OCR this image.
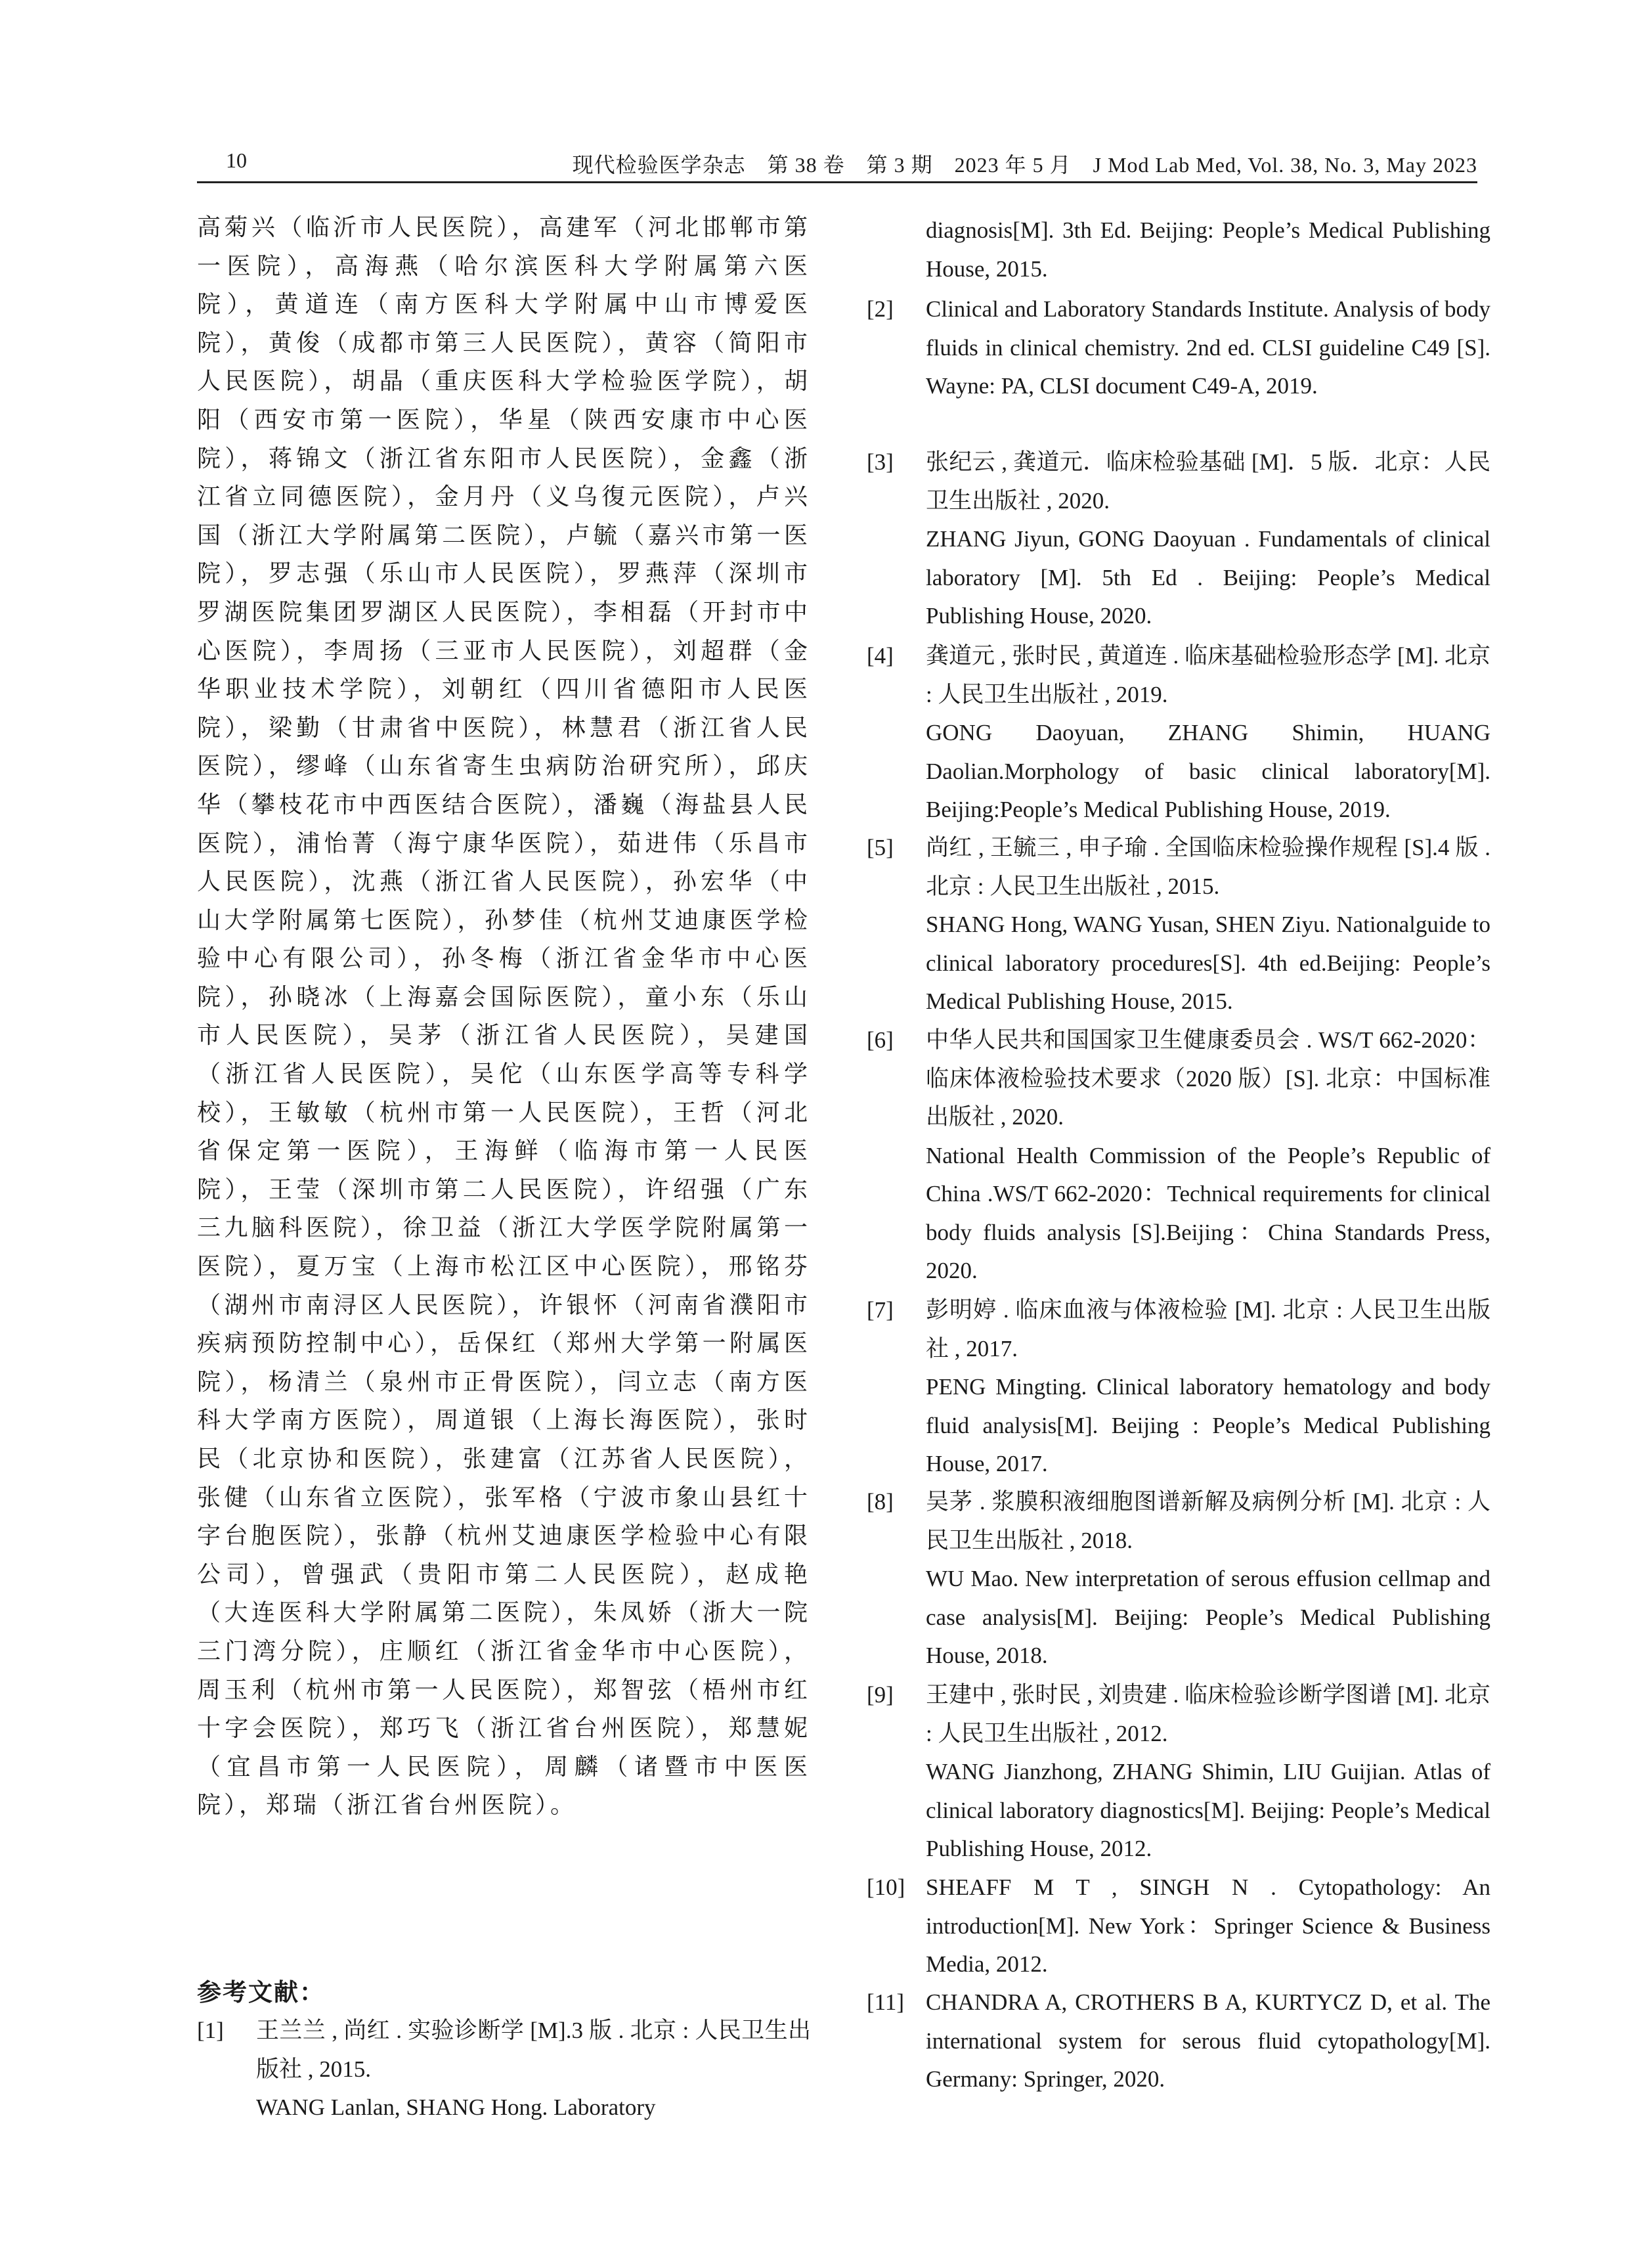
10	现代检验医学杂志　第 38 卷　第 3 期　2023 年 5 月　J Mod Lab Med, Vol. 38, No. 3, May 2023

高菊兴（临沂市人民医院），高建军（河北邯郸市第一医院），高海燕（哈尔滨医科大学附属第六医院），黄道连（南方医科大学附属中山市博爱医院），黄俊（成都市第三人民医院），黄容（简阳市人民医院），胡晶（重庆医科大学检验医学院），胡阳（西安市第一医院），华星（陕西安康市中心医院），蒋锦文（浙江省东阳市人民医院），金鑫（浙江省立同德医院），金月丹（义乌復元医院），卢兴国（浙江大学附属第二医院），卢毓（嘉兴市第一医院），罗志强（乐山市人民医院），罗燕萍（深圳市罗湖医院集团罗湖区人民医院），李相磊（开封市中心医院），李周扬（三亚市人民医院），刘超群（金华职业技术学院），刘朝红（四川省德阳市人民医院），梁勤（甘肃省中医院），林慧君（浙江省人民医院），缪峰（山东省寄生虫病防治研究所），邱庆华（攀枝花市中西医结合医院），潘巍（海盐县人民医院），浦怡菁（海宁康华医院），茹进伟（乐昌市人民医院），沈燕（浙江省人民医院），孙宏华（中山大学附属第七医院），孙梦佳（杭州艾迪康医学检验中心有限公司），孙冬梅（浙江省金华市中心医院），孙晓冰（上海嘉会国际医院），童小东（乐山市人民医院），吴茅（浙江省人民医院），吴建国（浙江省人民医院），吴佗（山东医学高等专科学校），王敏敏（杭州市第一人民医院），王哲（河北省保定第一医院），王海鲜（临海市第一人民医院），王莹（深圳市第二人民医院），许绍强（广东三九脑科医院），徐卫益（浙江大学医学院附属第一医院），夏万宝（上海市松江区中心医院），邢铭芬（湖州市南浔区人民医院），许银怀（河南省濮阳市疾病预防控制中心），岳保红（郑州大学第一附属医院），杨清兰（泉州市正骨医院），闫立志（南方医科大学南方医院），周道银（上海长海医院），张时民（北京协和医院），张建富（江苏省人民医院），张健（山东省立医院），张军格（宁波市象山县红十字台胞医院），张静（杭州艾迪康医学检验中心有限公司），曾强武（贵阳市第二人民医院），赵成艳（大连医科大学附属第二医院），朱凤娇（浙大一院三门湾分院），庄顺红（浙江省金华市中心医院），周玉利（杭州市第一人民医院），郑智弦（梧州市红十字会医院），郑巧飞（浙江省台州医院），郑慧妮（宜昌市第一人民医院），周麟（诸暨市中医医院），郑瑞（浙江省台州医院）。

参考文献：
[1] 王兰兰 , 尚红 . 实验诊断学 [M].3 版 . 北京 : 人民卫生出版社 , 2015.
WANG Lanlan, SHANG Hong. Laboratory
diagnosis[M]. 3th Ed. Beijing: People’s Medical Publishing House, 2015.
[2] Clinical and Laboratory Standards Institute. Analysis of body fluids in clinical chemistry. 2nd ed. CLSI guideline C49 [S]. Wayne: PA, CLSI document C49-A, 2019.
[3] 张纪云 , 龚道元．临床检验基础 [M]．5 版．北京：人民卫生出版社 , 2020.
ZHANG Jiyun, GONG Daoyuan . Fundamentals of clinical laboratory [M]. 5th Ed . Beijing: People’s Medical Publishing House, 2020.
[4] 龚道元 , 张时民 , 黄道连 . 临床基础检验形态学 [M]. 北京 : 人民卫生出版社 , 2019.
GONG Daoyuan, ZHANG Shimin, HUANG Daolian.Morphology of basic clinical laboratory[M]. Beijing:People’s Medical Publishing House, 2019.
[5] 尚红 , 王毓三 , 申子瑜 . 全国临床检验操作规程 [S].4 版 . 北京 : 人民卫生出版社 , 2015.
SHANG Hong, WANG Yusan, SHEN Ziyu. Nationalguide to clinical laboratory procedures[S]. 4th ed.Beijing: People’s Medical Publishing House, 2015.
[6] 中华人民共和国国家卫生健康委员会 . WS/T 662-2020：临床体液检验技术要求（2020 版）[S]. 北京：中国标准出版社 , 2020.
National Health Commission of the People’s Republic of China .WS/T 662-2020：Technical requirements for clinical body fluids analysis [S].Beijing：China Standards Press, 2020.
[7] 彭明婷 . 临床血液与体液检验 [M]. 北京 : 人民卫生出版社 , 2017.
PENG Mingting. Clinical laboratory hematology and body fluid analysis[M]. Beijing : People’s Medical Publishing House, 2017.
[8] 吴茅 . 浆膜积液细胞图谱新解及病例分析 [M]. 北京 : 人民卫生出版社 , 2018.
WU Mao. New interpretation of serous effusion cellmap and case analysis[M]. Beijing: People’s Medical Publishing House, 2018.
[9] 王建中 , 张时民 , 刘贵建 . 临床检验诊断学图谱 [M]. 北京 : 人民卫生出版社 , 2012.
WANG Jianzhong, ZHANG Shimin, LIU Guijian. Atlas of clinical laboratory diagnostics[M]. Beijing: People’s Medical Publishing House, 2012.
[10] SHEAFF M T , SINGH N . Cytopathology: An introduction[M]. New York：Springer Science & Business Media, 2012.
[11] CHANDRA A, CROTHERS B A, KURTYCZ D, et al. The international system for serous fluid cytopathology[M]. Germany: Springer, 2020.
